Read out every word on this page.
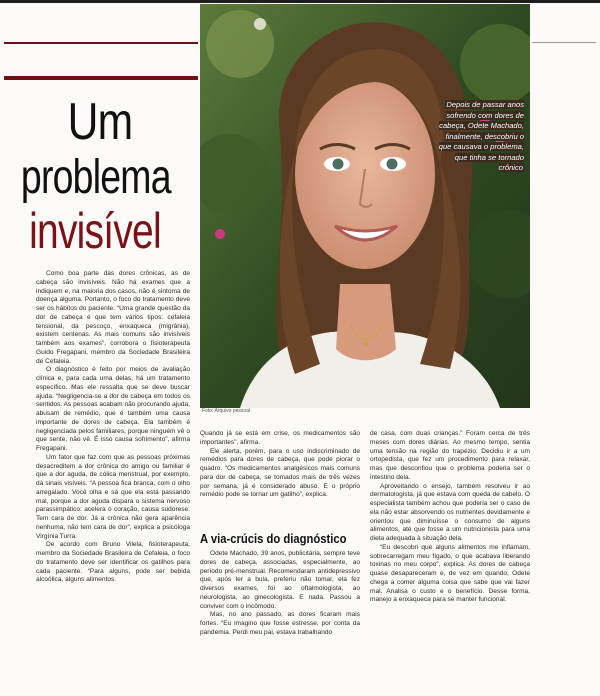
Um
problema
invisível
Depois de passar anos sofrendo com dores de cabeça, Odete Machado, finalmente, descobriu o que causava o problema, que tinha se tornado crônico
Foto: Arquivo pessoal

Como boa parte das dores crônicas, as de cabeça são invisíveis. Não há exames que a indiquem e, na maioria dos casos, não é sintoma de doença alguma. Portanto, o foco do tratamento deve ser os hábitos do paciente. “Uma grande questão da dor de cabeça é que tem vários tipos: cefaleia tensional, da pescoço, enxaqueca (migrânia), existem centenas. As mais comuns são invisíveis também aos exames”, corrobora o fisioterapeuta Guido Fregapani, membro da Sociedade Brasileira de Cefaleia.

O diagnóstico é feito por meios de avaliação clínica e, para cada uma delas, há um tratamento específico. Mas ele ressalta que se deve buscar ajuda. “Negligencia-se a dor de cabeça em todos os sentidos. As pessoas acabam não procurando ajuda, abusam de remédio, que é também uma causa importante de dores de cabeça. Ela também é negligenciada pelos familiares, porque ninguém vê o que sente, não vê. É isso causa sofrimento”, afirma Fregapani.

Um fator que faz com que as pessoas próximas desacreditem a dor crônica do amigo ou familiar é que a dor aguda, de cólica menstrual, por exemplo, dá sinais visíveis. “A pessoa fica branca, com o olho arregalado. Você olha e sá que ela está passando mal, porque a dor aguda dispara o sistema nervoso parassimpático: acelera o coração, causa sudorese. Tem cara de dor. Já a crônica não gera aparência nenhuma, não tem cara de dor”, explica a psicóloga Virgínia Turra.

De acordo com Bruno Vilela, fisioterapeuta, membro da Sociedade Brasileira de Cefaleia, o foco do tratamento deve ser identificar os gatilhos para cada paciente. “Para alguns, pode ser bebida alcoólica, alguns alimentos.

Quando já se está em crise, os medicamentos são importantes”, afirma.

Ele alerta, porém, para o uso indiscriminado de remédios para dores de cabeça, que pode piorar o quadro. “Os medicamentos analgésicos mais comuns para dor de cabeça, se tomados mais de três vezes por semana, já é considerado abuso. E o próprio remédio pode se tornar um gatilho”, explica.

A via-crúcis do diagnóstico

Odete Machado, 39 anos, publicitária, sempre teve dores de cabeça, associadas, especialmente, ao período pré-menstrual. Recomendaram antidepressivo que, após ler a bula, preferiu não tomar, ela fez diversos exames, foi ao oftalmologista, ao neurologista, ao ginecologista. E nada. Passou a conviver com o incômodo.

Mas, no ano passado, as dores ficaram mais fortes. “Eu imagino que fosse estresse, por conta da pandemia. Perdi meu pai, estava trabalhando

de casa, com duas crianças.” Foram cerca de três meses com dores diárias. Ao mesmo tempo, sentia uma tensão na região do trapézio. Decidiu ir a um ortopedista, que fez um procedimento para relaxar, mas que desconfiou que o problema poderia ser o intestino dela.

Aproveitando o ensejo, também resolveu ir ao dermatologista, já que estava com queda de cabelo. O especialista também achou que poderia ser o caso de ela não estar absorvendo os nutrientes devidamente e orientou que diminuísse o consumo de alguns alimentos, até que fosse a um nutricionista para uma dieta adequada à situação dela.

“Eu descobri que alguns alimentos me inflamam, sobrecarregam meu fígado, o que acabava liberando toxinas no meu corpo”, explica. As dores de cabeça quase desapareceram e, de vez em quando, Odete chega a comer alguma coisa que sabe que vai fazer mal. Analisa o custo e o benefício. Desse forma, manejo a enxaqueca para se manter funcional.
